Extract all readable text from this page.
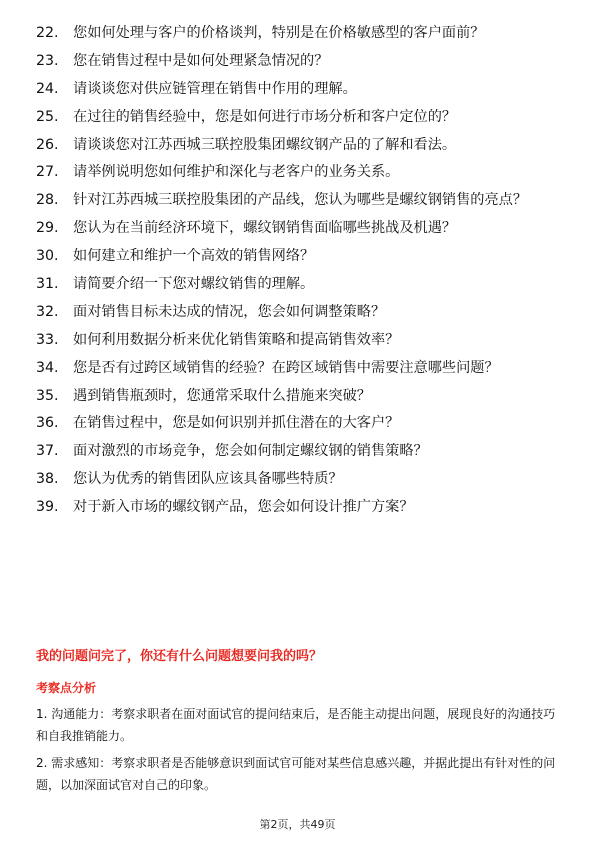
22.	您如何处理与客户的价格谈判，特别是在价格敏感型的客户面前？
23.	您在销售过程中是如何处理紧急情况的？
24.	请谈谈您对供应链管理在销售中作用的理解。
25.	在过往的销售经验中，您是如何进行市场分析和客户定位的？
26.	请谈谈您对江苏西城三联控股集团螺纹钢产品的了解和看法。
27.	请举例说明您如何维护和深化与老客户的业务关系。
28.	针对江苏西城三联控股集团的产品线，您认为哪些是螺纹钢销售的亮点？
29.	您认为在当前经济环境下，螺纹钢销售面临哪些挑战及机遇？
30.	如何建立和维护一个高效的销售网络？
31.	请简要介绍一下您对螺纹销售的理解。
32.	面对销售目标未达成的情况，您会如何调整策略？
33.	如何利用数据分析来优化销售策略和提高销售效率？
34.	您是否有过跨区域销售的经验？在跨区域销售中需要注意哪些问题？
35.	遇到销售瓶颈时，您通常采取什么措施来突破？
36.	在销售过程中，您是如何识别并抓住潜在的大客户？
37.	面对激烈的市场竞争，您会如何制定螺纹钢的销售策略？
38.	您认为优秀的销售团队应该具备哪些特质？
39.	对于新入市场的螺纹钢产品，您会如何设计推广方案？
我的问题问完了，你还有什么问题想要问我的吗？
考察点分析
1. 沟通能力：考察求职者在面对面试官的提问结束后，是否能主动提出问题，展现良好的沟通技巧和自我推销能力。
2. 需求感知：考察求职者是否能够意识到面试官可能对某些信息感兴趣，并据此提出有针对性的问题，以加深面试官对自己的印象。
第2页，共49页
